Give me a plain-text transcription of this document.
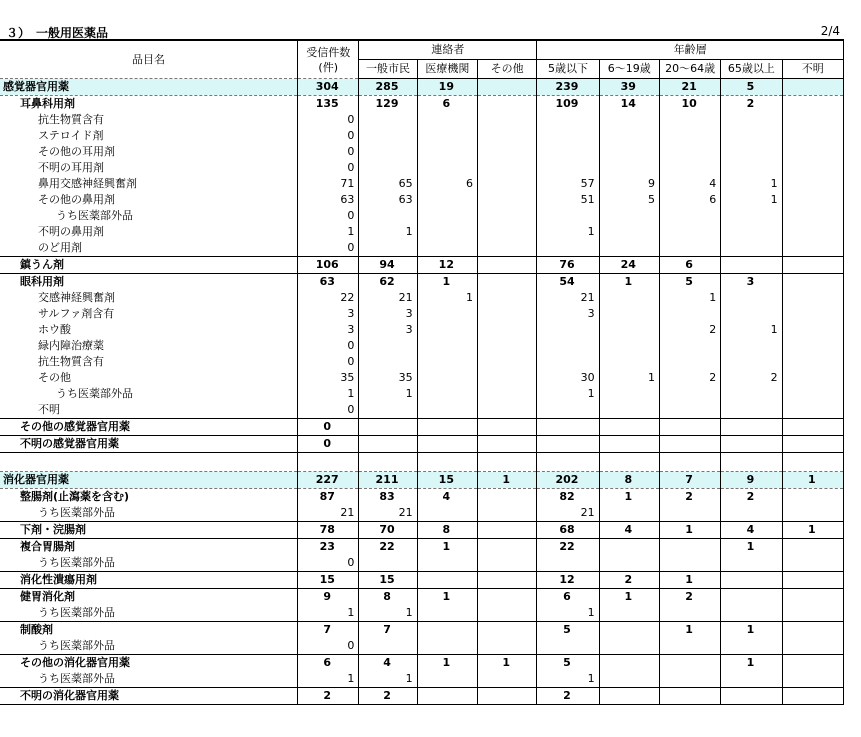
３）　一般用医薬品	2/4
品目名	受信件数
(件)	連絡者			年齢層				
		一般市民	医療機関	その他	5歳以下	6～19歳	20～64歳	65歳以上	不明
感覚器官用薬	304	285	19		239	39	21	5	
耳鼻科用剤	135	129	6		109	14	10	2	
抗生物質含有	0								
ステロイド剤	0								
その他の耳用剤	0								
不明の耳用剤	0								
鼻用交感神経興奮剤	71	65	6		57	9	4	1	
その他の鼻用剤	63	63			51	5	6	1	
うち医薬部外品	0								
不明の鼻用剤	1	1			1				
のど用剤	0								
鎮うん剤	106	94	12		76	24	6		
眼科用剤	63	62	1		54	1	5	3	
交感神経興奮剤	22	21	1		21		1		
サルファ剤含有	3	3			3				
ホウ酸	3	3					2	1	
緑内障治療薬	0								
抗生物質含有	0								
その他	35	35			30	1	2	2	
うち医薬部外品	1	1			1				
不明	0								
その他の感覚器官用薬	0								
不明の感覚器官用薬	0								

消化器官用薬	227	211	15	1	202	8	7	9	1
整腸剤(止瀉薬を含む)	87	83	4		82	1	2	2	
うち医薬部外品	21	21			21				
下剤・浣腸剤	78	70	8		68	4	1	4	1
複合胃腸剤	23	22	1		22			1	
うち医薬部外品	0								
消化性潰瘍用剤	15	15			12	2	1		
健胃消化剤	9	8	1		6	1	2		
うち医薬部外品	1	1			1				
制酸剤	7	7			5		1	1	
うち医薬部外品	0								
その他の消化器官用薬	6	4	1	1	5			1	
うち医薬部外品	1	1			1				
不明の消化器官用薬	2	2			2				
